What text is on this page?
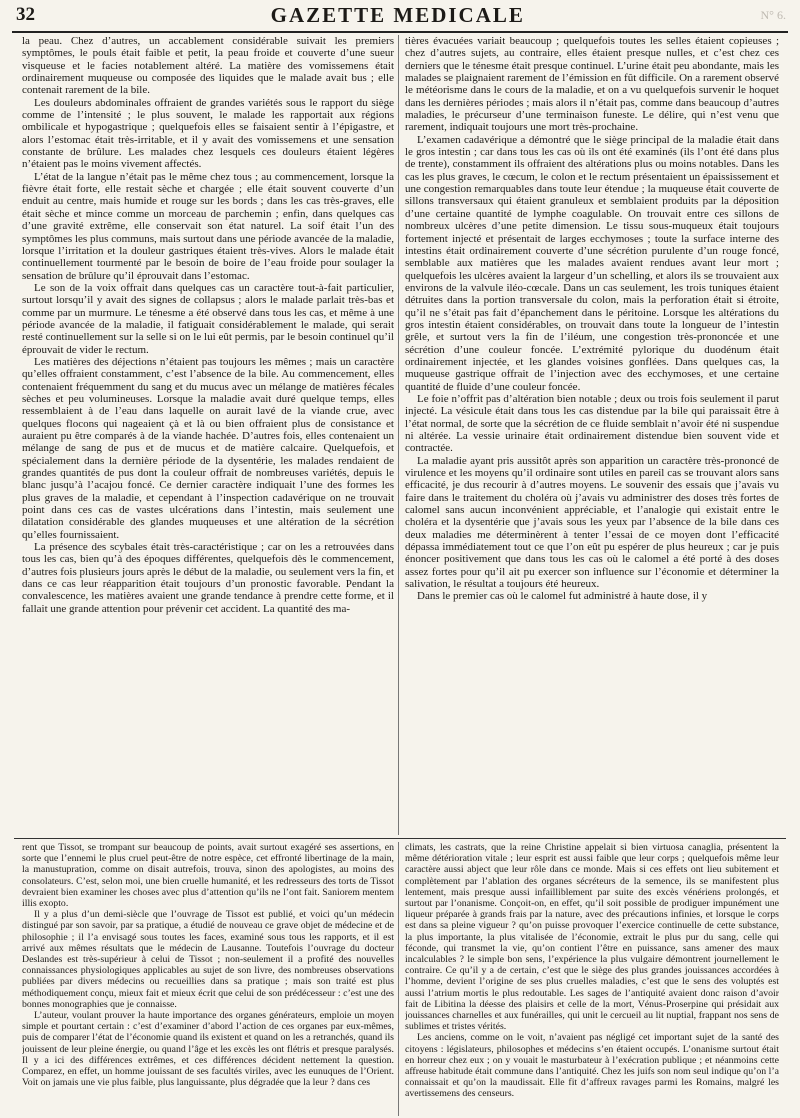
32	GAZETTE MEDICALE	N° 6.

la peau. Chez d’autres, un accablement considérable suivait les premiers symptômes, le pouls était faible et petit, la peau froide et couverte d’une sueur visqueuse et le facies notablement altéré. La matière des vomissemens était ordinairement muqueuse ou composée des liquides que le malade avait bus ; elle contenait rarement de la bile.

Les douleurs abdominales offraient de grandes variétés sous le rapport du siège comme de l’intensité ; le plus souvent, le malade les rapportait aux régions ombilicale et hypogastrique ; quelquefois elles se faisaient sentir à l’épigastre, et alors l’estomac était très-irritable, et il y avait des vomissemens et une sensation constante de brûlure. Les malades chez lesquels ces douleurs étaient légères n’étaient pas le moins vivement affectés.

L’état de la langue n’était pas le même chez tous ; au commencement, lorsque la fièvre était forte, elle restait sèche et chargée ; elle était souvent couverte d’un enduit au centre, mais humide et rouge sur les bords ; dans les cas très-graves, elle était sèche et mince comme un morceau de parchemin ; enfin, dans quelques cas d’une gravité extrême, elle conservait son état naturel. La soif était l’un des symptômes les plus communs, mais surtout dans une période avancée de la maladie, lorsque l’irritation et la douleur gastriques étaient très-vives. Alors le malade était continuellement tourmenté par le besoin de boire de l’eau froide pour soulager la sensation de brûlure qu’il éprouvait dans l’estomac.

Le son de la voix offrait dans quelques cas un caractère tout-à-fait particulier, surtout lorsqu’il y avait des signes de collapsus ; alors le malade parlait très-bas et comme par un murmure. Le ténesme a été observé dans tous les cas, et même à une période avancée de la maladie, il fatiguait considérablement le malade, qui serait resté continuellement sur la selle si on le lui eût permis, par le besoin continuel qu’il éprouvait de vider le rectum.

Les matières des déjections n’étaient pas toujours les mêmes ; mais un caractère qu’elles offraient constamment, c’est l’absence de la bile. Au commencement, elles contenaient fréquemment du sang et du mucus avec un mélange de matières fécales sèches et peu volumineuses. Lorsque la maladie avait duré quelque temps, elles ressemblaient à de l’eau dans laquelle on aurait lavé de la viande crue, avec quelques flocons qui nageaient çà et là ou bien offraient plus de consistance et auraient pu être comparés à de la viande hachée. D’autres fois, elles contenaient un mélange de sang de pus et de mucus et de matière calcaire. Quelquefois, et spécialement dans la dernière période de la dysentérie, les malades rendaient de grandes quantités de pus dont la couleur offrait de nombreuses variétés, depuis le blanc jusqu’à l’acajou foncé. Ce dernier caractère indiquait l’une des formes les plus graves de la maladie, et cependant à l’inspection cadavérique on ne trouvait point dans ces cas de vastes ulcérations dans l’intestin, mais seulement une dilatation considérable des glandes muqueuses et une altération de la sécrétion qu’elles fournissaient.

La présence des scybales était très-caractéristique ; car on les a retrouvées dans tous les cas, bien qu’à des époques différentes, quelquefois dès le commencement, d’autres fois plusieurs jours après le début de la maladie, ou seulement vers la fin, et dans ce cas leur réapparition était toujours d’un pronostic favorable. Pendant la convalescence, les matières avaient une grande tendance à prendre cette forme, et il fallait une grande attention pour prévenir cet accident. La quantité des ma-

tières évacuées variait beaucoup ; quelquefois toutes les selles étaient copieuses ; chez d’autres sujets, au contraire, elles étaient presque nulles, et c’est chez ces derniers que le ténesme était presque continuel. L’urine était peu abondante, mais les malades se plaignaient rarement de l’émission en fût difficile. On a rarement observé le météorisme dans le cours de la maladie, et on a vu quelquefois survenir le hoquet dans les dernières périodes ; mais alors il n’était pas, comme dans beaucoup d’autres maladies, le précurseur d’une terminaison funeste. Le délire, qui n’est venu que rarement, indiquait toujours une mort très-prochaine.

L’examen cadavérique a démontré que le siège principal de la maladie était dans le gros intestin ; car dans tous les cas où ils ont été examinés (ils l’ont été dans plus de trente), constamment ils offraient des altérations plus ou moins notables. Dans les cas les plus graves, le cœcum, le colon et le rectum présentaient un épaississement et une congestion remarquables dans toute leur étendue ; la muqueuse était couverte de sillons transversaux qui étaient granuleux et semblaient produits par la déposition d’une certaine quantité de lymphe coagulable. On trouvait entre ces sillons de nombreux ulcères d’une petite dimension. Le tissu sous-muqueux était toujours fortement injecté et présentait de larges ecchymoses ; toute la surface interne des intestins était ordinairement couverte d’une sécrétion purulente d’un rouge foncé, semblable aux matières que les malades avaient rendues avant leur mort ; quelquefois les ulcères avaient la largeur d’un schelling, et alors ils se trouvaient aux environs de la valvule iléo-cœcale. Dans un cas seulement, les trois tuniques étaient détruites dans la portion transversale du colon, mais la perforation était si étroite, qu’il ne s’était pas fait d’épanchement dans le péritoine. Lorsque les altérations du gros intestin étaient considérables, on trouvait dans toute la longueur de l’intestin grêle, et surtout vers la fin de l’iléum, une congestion très-prononcée et une sécrétion d’une couleur foncée. L’extrémité pylorique du duodénum était ordinairement injectée, et les glandes voisines gonflées. Dans quelques cas, la muqueuse gastrique offrait de l’injection avec des ecchymoses, et une certaine quantité de fluide d’une couleur foncée.

Le foie n’offrit pas d’altération bien notable ; deux ou trois fois seulement il parut injecté. La vésicule était dans tous les cas distendue par la bile qui paraissait être à l’état normal, de sorte que la sécrétion de ce fluide semblait n’avoir été ni suspendue ni altérée. La vessie urinaire était ordinairement distendue bien souvent vide et contractée.

La maladie ayant pris aussitôt après son apparition un caractère très-prononcé de virulence et les moyens qu’il ordinaire sont utiles en pareil cas se trouvant alors sans efficacité, je dus recourir à d’autres moyens. Le souvenir des essais que j’avais vu faire dans le traitement du choléra où j’avais vu administrer des doses très fortes de calomel sans aucun inconvénient appréciable, et l’analogie qui existait entre le choléra et la dysentérie que j’avais sous les yeux par l’absence de la bile dans ces deux maladies me déterminèrent à tenter l’essai de ce moyen dont l’efficacité dépassa immédiatement tout ce que l’on eût pu espérer de plus heureux ; car je puis énoncer positivement que dans tous les cas où le calomel a été porté à des doses assez fortes pour qu’il ait pu exercer son influence sur l’économie et déterminer la salivation, le résultat a toujours été heureux.

Dans le premier cas où le calomel fut administré à haute dose, il y

rent que Tissot, se trompant sur beaucoup de points, avait surtout exagéré ses assertions, en sorte que l’ennemi le plus cruel peut-être de notre espèce, cet effronté libertinage de la main, la manustupration, comme on disait autrefois, trouva, sinon des apologistes, au moins des consolateurs. C’est, selon moi, une bien cruelle humanité, et les redresseurs des torts de Tissot devraient bien examiner les choses avec plus d’attention qu’ils ne l’ont fait. Saniorem mentem illis exopto.

Il y a plus d’un demi-siècle que l’ouvrage de Tissot est publié, et voici qu’un médecin distingué par son savoir, par sa pratique, a étudié de nouveau ce grave objet de médecine et de philosophie ; il l’a envisagé sous toutes les faces, examiné sous tous les rapports, et il est arrivé aux mêmes résultats que le médecin de Lausanne. Toutefois l’ouvrage du docteur Deslandes est très-supérieur à celui de Tissot ; non-seulement il a profité des nouvelles connaissances physiologiques applicables au sujet de son livre, des nombreuses observations publiées par divers médecins ou recueillies dans sa pratique ; mais son traité est plus méthodiquement conçu, mieux fait et mieux écrit que celui de son prédécesseur : c’est une des bonnes monographies que je connaisse.

L’auteur, voulant prouver la haute importance des organes générateurs, emploie un moyen simple et pourtant certain : c’est d’examiner d’abord l’action de ces organes par eux-mêmes, puis de comparer l’état de l’économie quand ils existent et quand on les a retranchés, quand ils jouissent de leur pleine énergie, ou quand l’âge et les excès les ont flétris et presque paralysés. Il y a ici des différences extrêmes, et ces différences décident nettement la question. Comparez, en effet, un homme jouissant de ses facultés viriles, avec les eunuques de l’Orient. Voit on jamais une vie plus faible, plus languissante, plus dégradée que la leur ? dans ces

climats, les castrats, que la reine Christine appelait si bien virtuosa canaglia, présentent la même détérioration vitale ; leur esprit est aussi faible que leur corps ; quelquefois même leur caractère aussi abject que leur rôle dans ce monde. Mais si ces effets ont lieu subitement et complètement par l’ablation des organes sécréteurs de la semence, ils se manifestent plus lentement, mais presque aussi infailliblement par suite des excès vénériens prolongés, et surtout par l’onanisme. Conçoit-on, en effet, qu’il soit possible de prodiguer impunément une liqueur préparée à grands frais par la nature, avec des précautions infinies, et lorsque le corps est dans sa pleine vigueur ? qu’on puisse provoquer l’exercice continuelle de cette substance, la plus importante, la plus vitalisée de l’économie, extrait le plus pur du sang, celle qui féconde, qui transmet la vie, qu’on contient l’être en puissance, sans amener des maux incalculables ? le simple bon sens, l’expérience la plus vulgaire démontrent journellement le contraire. Ce qu’il y a de certain, c’est que le siège des plus grandes jouissances accordées à l’homme, devient l’origine de ses plus cruelles maladies, c’est que le sens des voluptés est aussi l’atrium mortis le plus redoutable. Les sages de l’antiquité avaient donc raison d’avoir fait de Libitina la déesse des plaisirs et celle de la mort, Vénus-Proserpine qui présidait aux jouissances charnelles et aux funérailles, qui unit le cercueil au lit nuptial, frappant nos sens de sublimes et tristes vérités.

Les anciens, comme on le voit, n’avaient pas négligé cet important sujet de la santé des citoyens : législateurs, philosophes et médecins s’en étaient occupés. L’onanisme surtout était en horreur chez eux ; on y vouait le masturbateur à l’exécration publique ; et néanmoins cette affreuse habitude était commune dans l’antiquité. Chez les juifs son nom seul indique qu’on l’a connaissait et qu’on la maudissait. Elle fit d’affreux ravages parmi les Romains, malgré les avertissemens des censeurs.
